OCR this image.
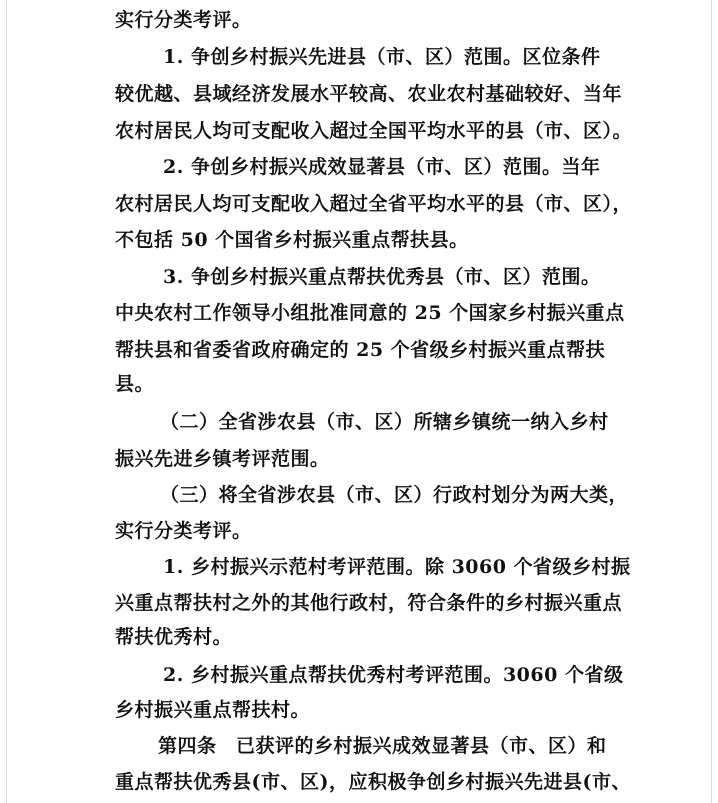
实行分类考评。
1. 争创乡村振兴先进县（市、区）范围。区位条件
较优越、县域经济发展水平较高、农业农村基础较好、当年
农村居民人均可支配收入超过全国平均水平的县（市、区）。
2. 争创乡村振兴成效显著县（市、区）范围。当年
农村居民人均可支配收入超过全省平均水平的县（市、区），
不包括 50 个国省乡村振兴重点帮扶县。
3. 争创乡村振兴重点帮扶优秀县（市、区）范围。
中央农村工作领导小组批准同意的 25 个国家乡村振兴重点
帮扶县和省委省政府确定的 25 个省级乡村振兴重点帮扶
县。
（二）全省涉农县（市、区）所辖乡镇统一纳入乡村
振兴先进乡镇考评范围。
（三）将全省涉农县（市、区）行政村划分为两大类，
实行分类考评。
1. 乡村振兴示范村考评范围。除 3060 个省级乡村振
兴重点帮扶村之外的其他行政村，符合条件的乡村振兴重点
帮扶优秀村。
2. 乡村振兴重点帮扶优秀村考评范围。3060 个省级
乡村振兴重点帮扶村。
第四条　已获评的乡村振兴成效显著县（市、区）和
重点帮扶优秀县(市、区)，应积极争创乡村振兴先进县(市、
